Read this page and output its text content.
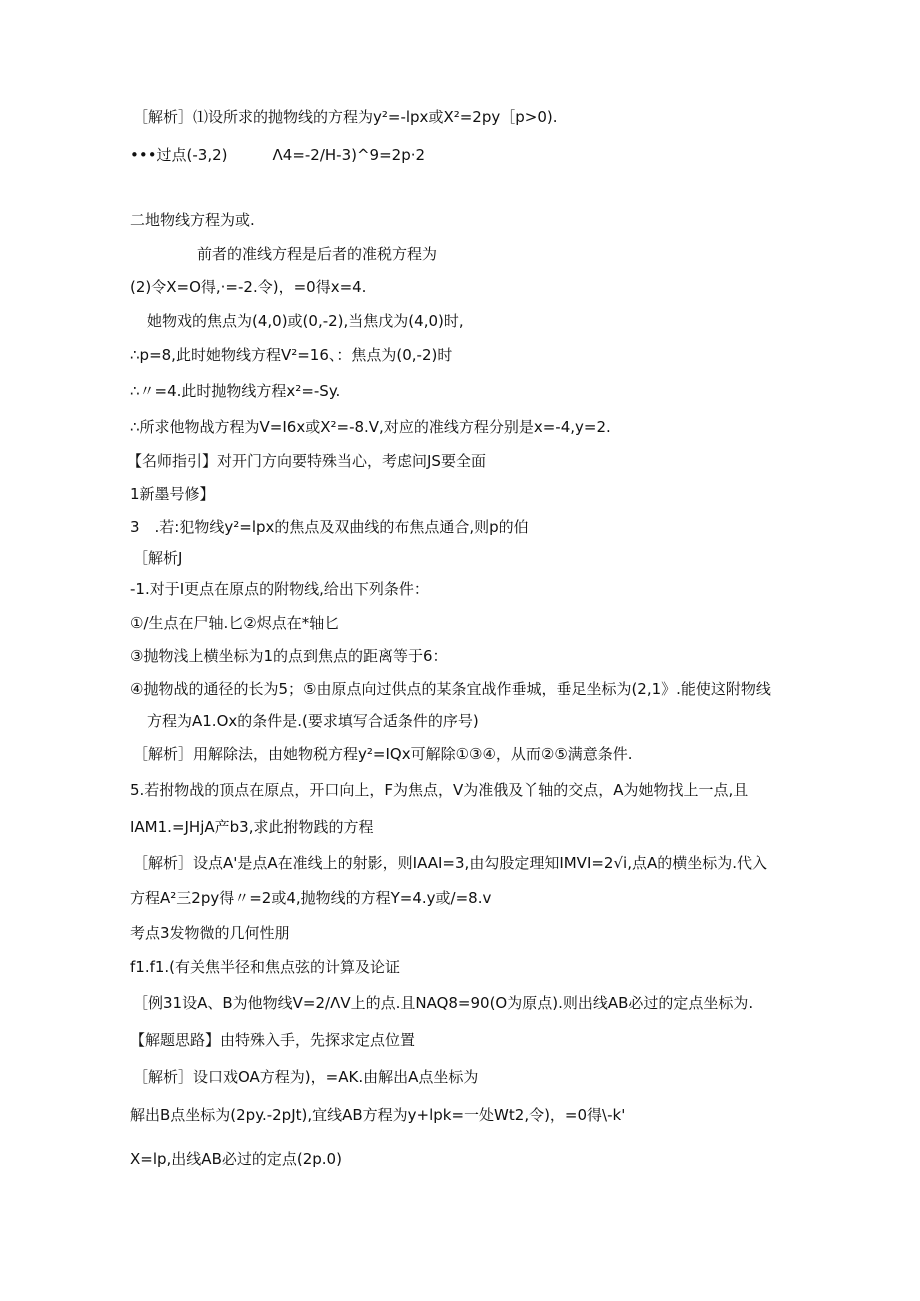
［解析］⑴设所求的抛物线的方程为y²=-lpx或X²=2py［p>0).
•••过点(-3,2)　　　Λ4=-2/H-3)^9=2p·2
二地物线方程为或.
前者的准线方程是后者的准税方程为
(2)令X=O得,·=-2.令)，=0得x=4.
她物戏的焦点为(4,0)或(0,-2),当焦戊为(4,0)时,
∴p=8,此时她物线方程V²=16、：焦点为(0,-2)时
∴〃=4.此时抛物线方程x²=-Sy.
∴所求他物战方程为V=I6x或X²=-8.V,对应的准线方程分别是x=-4,y=2.
【名师指引】对开门方向要特殊当心，考虑问JS要全面
1新墨号修】
3　.若:犯物线y²=lpx的焦点及双曲线的布焦点通合,则p的伯
［解析J
-1.对于I更点在原点的附物线,给出下列条件：
①/生点在尸轴.匕②烬点在*轴匕
③抛物浅上横坐标为1的点到焦点的距离等于6：
④抛物战的通径的长为5；⑤由原点向过供点的某条宜战作垂城，垂足坐标为(2,1》.能使这附物线
方程为A1.Ox的条件是.(要求填写合适条件的序号)
［解析］用解除法，由她物税方程y²=IQx可解除①③④，从而②⑤满意条件.
5.若拊物战的顶点在原点，开口向上，F为焦点，V为准俄及丫轴的交点，A为她物找上一点,且
IAM1.=JHjA产b3,求此拊物践的方程
［解析］设点A'是点A在准线上的射影，则IAAI=3,由勾股定理知IMVI=2√i,点A的横坐标为.代入
方程A²三2py得〃=2或4,抛物线的方程Y=4.y或/=8.v
考点3发物微的几何性朋
f1.f1.(有关焦半径和焦点弦的计算及论证
［例31设A、B为他物线V=2/ΛV上的点.且NAQ8=90(O为原点).则出线AB必过的定点坐标为.
【解题思路】由特殊入手，先探求定点位置
［解析］设口戏OA方程为)，=AK.由解出A点坐标为
解出B点坐标为(2py.-2pJt),宜线AB方程为y+lpk=一处Wt2,令)，=0得\-k'
X=lp,出线AB必过的定点(2p.0)
